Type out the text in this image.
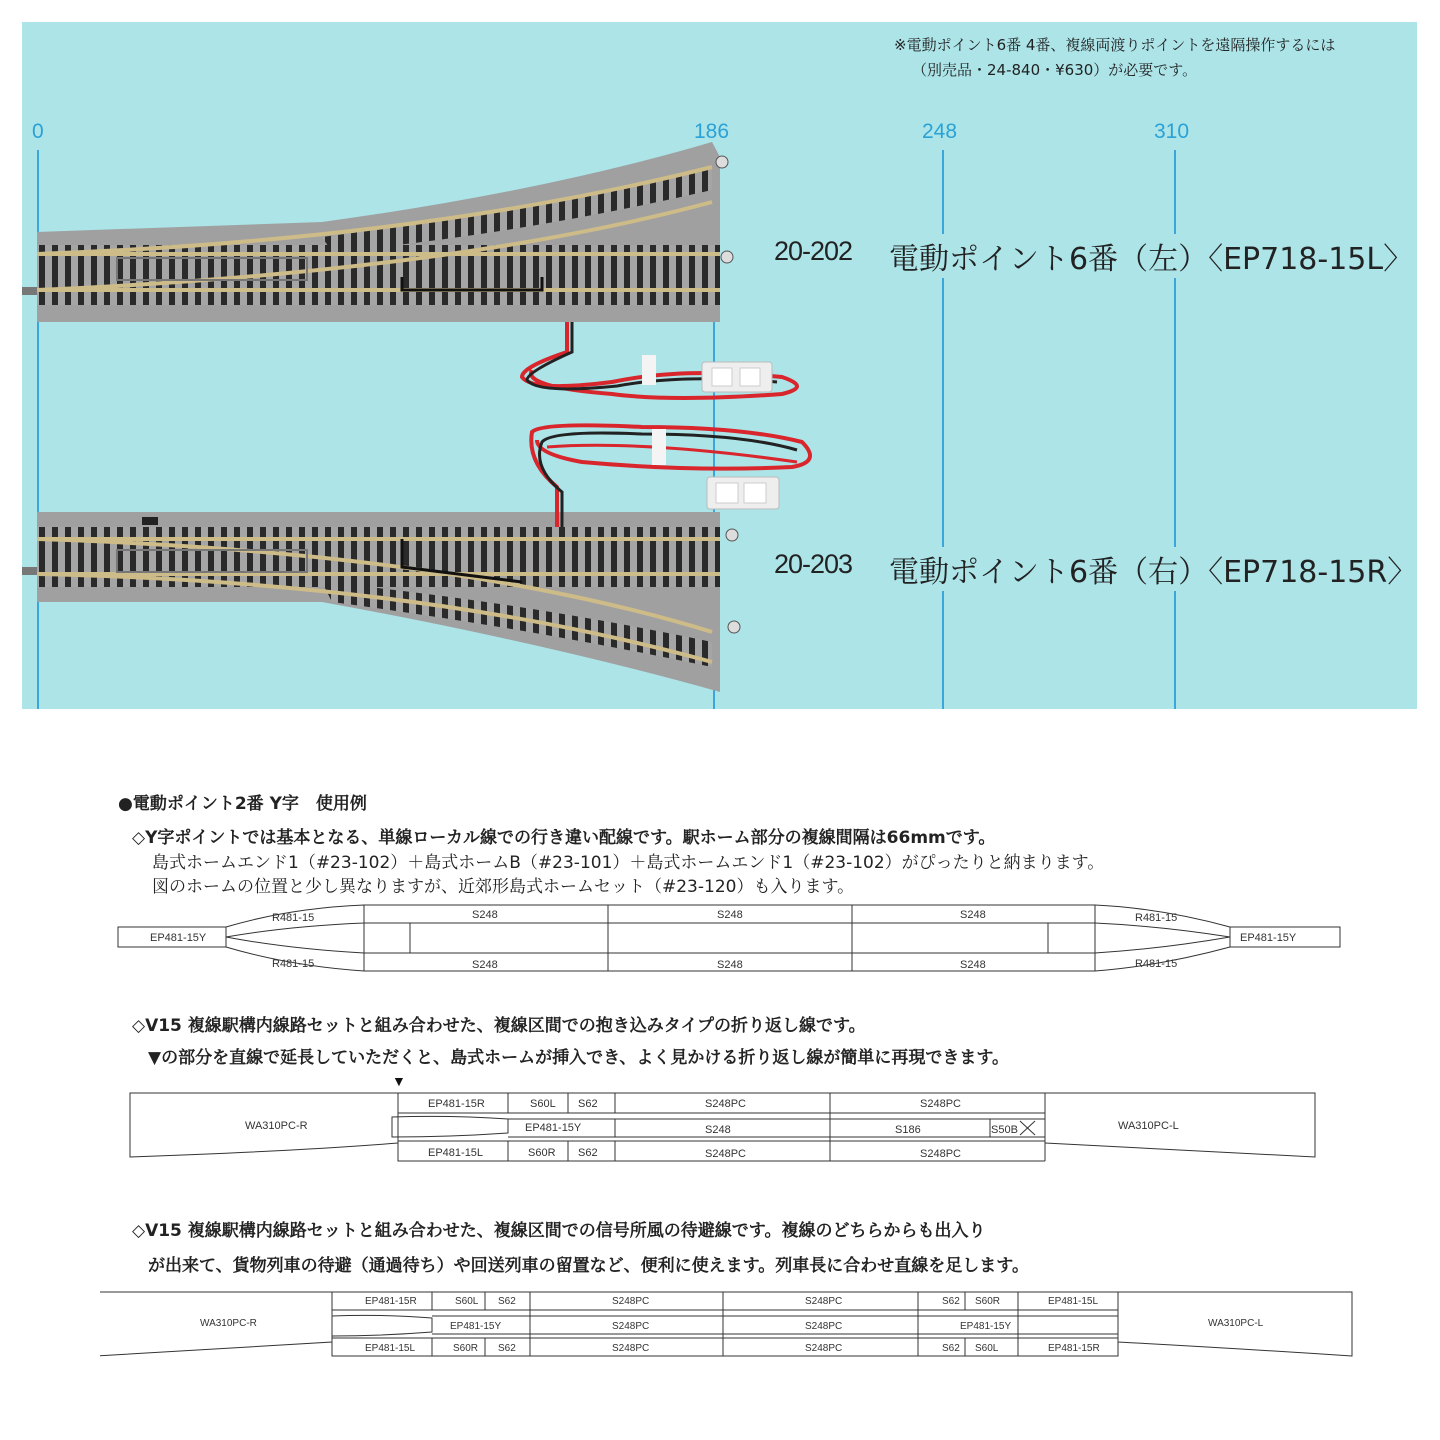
※電動ポイント6番 4番、複線両渡りポイントを遠隔操作するには
（別売品・24-840・¥630）が必要です。
0	186	248	310
20-202 電動ポイント6番（左）〈EP718-15L〉
20-203 電動ポイント6番（右）〈EP718-15R〉
●電動ポイント2番 Y字　使用例
◇Y字ポイントでは基本となる、単線ローカル線での行き違い配線です。駅ホーム部分の複線間隔は66mmです。
島式ホームエンド1（#23-102）＋島式ホームB（#23-101）＋島式ホームエンド1（#23-102）がぴったりと納まります。
図のホームの位置と少し異なりますが、近郊形島式ホームセット（#23-120）も入ります。
EP481-15Y
R481-15
R481-15
S248	S248	S248
S248	S248	S248
R481-15
R481-15
EP481-15Y
◇V15 複線駅構内線路セットと組み合わせた、複線区間での抱き込みタイプの折り返し線です。
▼の部分を直線で延長していただくと、島式ホームが挿入でき、よく見かける折り返し線が簡単に再現できます。
▼
WA310PC-R
EP481-15R
EP481-15Y
EP481-15L
S60L S62
S60R S62
S248PC	S248PC
S248	S186	S50B
S248PC	S248PC
WA310PC-L
◇V15 複線駅構内線路セットと組み合わせた、複線区間での信号所風の待避線です。複線のどちらからも出入り
が出来て、貨物列車の待避（通過待ち）や回送列車の留置など、便利に使えます。列車長に合わせ直線を足します。
WA310PC-R
EP481-15R
EP481-15Y
EP481-15L
S60L S62
S60R S62
S248PC	S248PC
S248PC	S248PC
S248PC	S248PC
S62 S60R
S62 S60L
EP481-15L
EP481-15Y
EP481-15R
WA310PC-L
